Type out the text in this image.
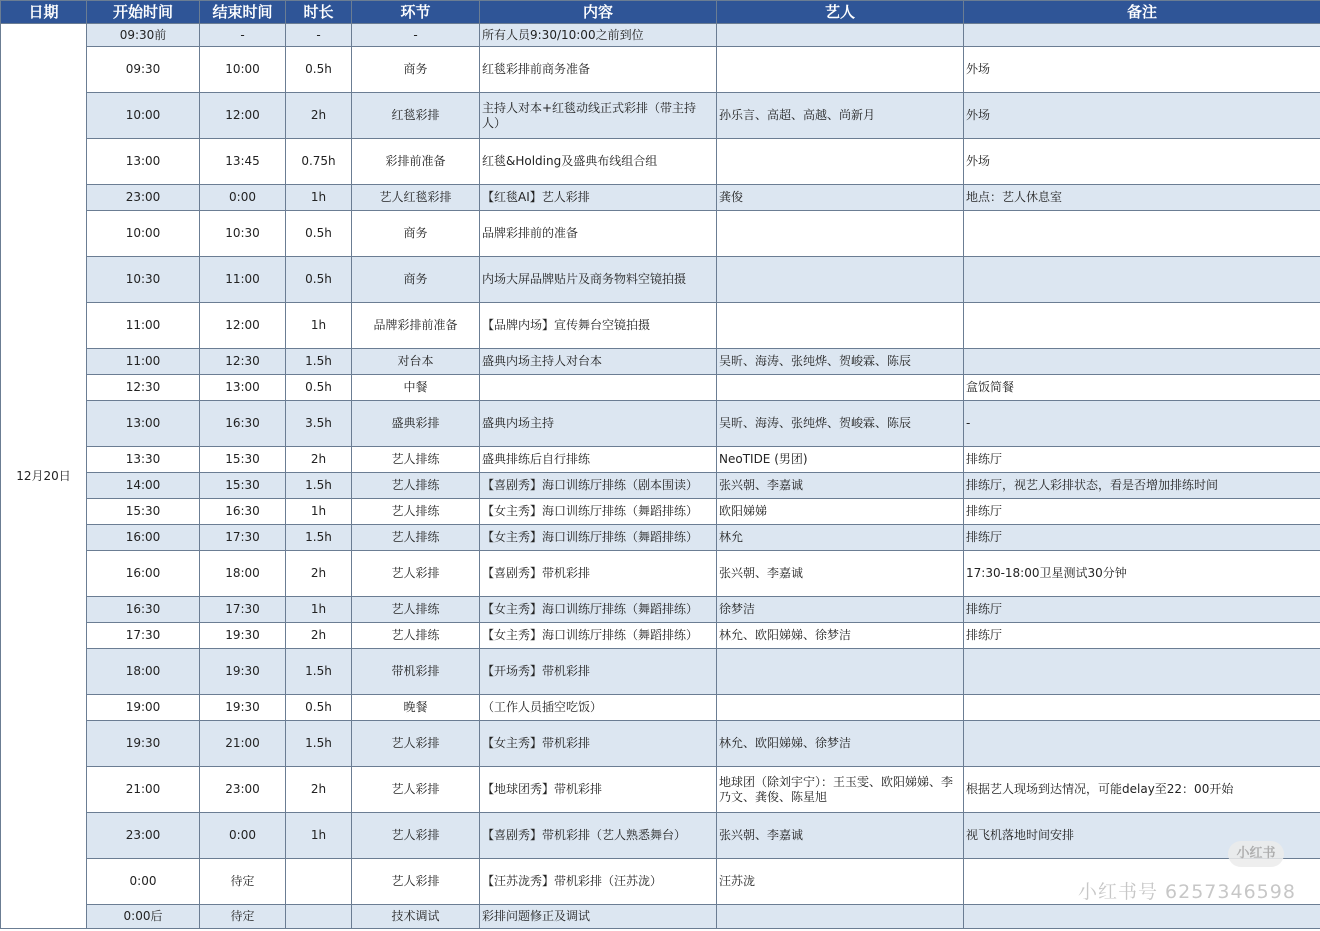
日期	开始时间	结束时间	时长	环节	内容	艺人	备注
12月20日	09:30前	-	-	-	所有人员9:30/10:00之前到位		
	09:30	10:00	0.5h	商务	红毯彩排前商务准备		外场
	10:00	12:00	2h	红毯彩排	主持人对本+红毯动线正式彩排（带主持人）	孙乐言、高超、高越、尚新月	外场
	13:00	13:45	0.75h	彩排前准备	红毯&Holding及盛典布线组合组		外场
	23:00	0:00	1h	艺人红毯彩排	【红毯AI】艺人彩排	龚俊	地点：艺人休息室
	10:00	10:30	0.5h	商务	品牌彩排前的准备		
	10:30	11:00	0.5h	商务	内场大屏品牌贴片及商务物料空镜拍摄		
	11:00	12:00	1h	品牌彩排前准备	【品牌内场】宣传舞台空镜拍摄		
	11:00	12:30	1.5h	对台本	盛典内场主持人对台本	吴昕、海涛、张纯烨、贺峻霖、陈辰	
	12:30	13:00	0.5h	中餐			盒饭简餐
	13:00	16:30	3.5h	盛典彩排	盛典内场主持	吴昕、海涛、张纯烨、贺峻霖、陈辰	-
	13:30	15:30	2h	艺人排练	盛典排练后自行排练	NeoTIDE (男团)	排练厅
	14:00	15:30	1.5h	艺人排练	【喜剧秀】海口训练厅排练（剧本围读）	张兴朝、李嘉诚	排练厅，视艺人彩排状态，看是否增加排练时间
	15:30	16:30	1h	艺人排练	【女主秀】海口训练厅排练（舞蹈排练）	欧阳娣娣	排练厅
	16:00	17:30	1.5h	艺人排练	【女主秀】海口训练厅排练（舞蹈排练）	林允	排练厅
	16:00	18:00	2h	艺人彩排	【喜剧秀】带机彩排	张兴朝、李嘉诚	17:30-18:00卫星测试30分钟
	16:30	17:30	1h	艺人排练	【女主秀】海口训练厅排练（舞蹈排练）	徐梦洁	排练厅
	17:30	19:30	2h	艺人排练	【女主秀】海口训练厅排练（舞蹈排练）	林允、欧阳娣娣、徐梦洁	排练厅
	18:00	19:30	1.5h	带机彩排	【开场秀】带机彩排		
	19:00	19:30	0.5h	晚餐	（工作人员插空吃饭）		
	19:30	21:00	1.5h	艺人彩排	【女主秀】带机彩排	林允、欧阳娣娣、徐梦洁	
	21:00	23:00	2h	艺人彩排	【地球团秀】带机彩排	地球团（除刘宇宁）：王玉雯、欧阳娣娣、李乃文、龚俊、陈星旭	根据艺人现场到达情况，可能delay至22：00开始
	23:00	0:00	1h	艺人彩排	【喜剧秀】带机彩排（艺人熟悉舞台）	张兴朝、李嘉诚	视飞机落地时间安排
	0:00	待定		艺人彩排	【汪苏泷秀】带机彩排（汪苏泷）	汪苏泷	
	0:00后	待定		技术调试	彩排问题修正及调试		
小红书
小红书号 6257346598
